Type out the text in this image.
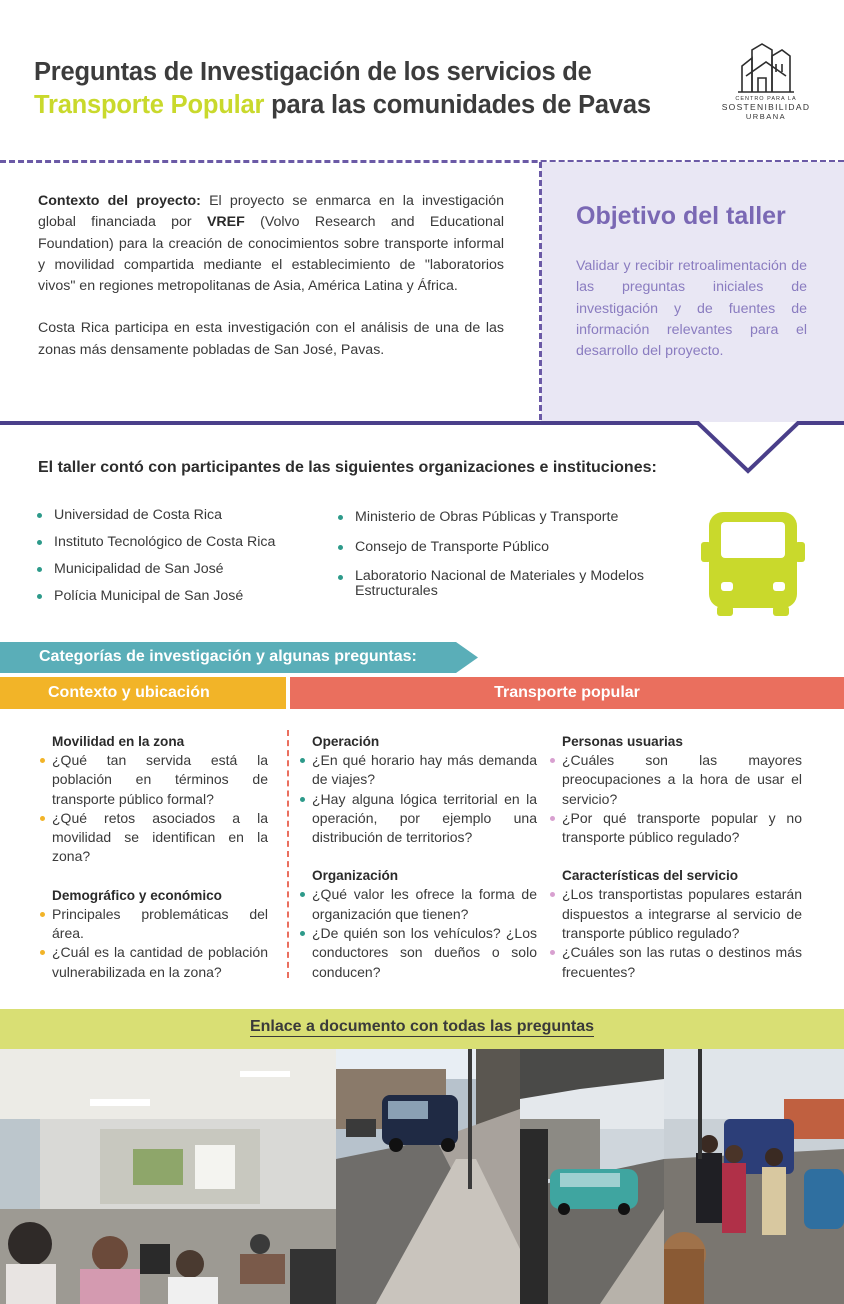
Preguntas de Investigación de los servicios de
Transporte Popular para las comunidades de Pavas	CENTRO PARA LA
SOSTENIBILIDAD
URBANA
Objetivo del taller
Validar y recibir retroalimentación de las preguntas iniciales de investigación y de fuentes de información relevantes para el desarrollo del proyecto.

Contexto del proyecto: El proyecto se enmarca en la investigación global financiada por VREF (Volvo Research and Educational Foundation) para la creación de conocimientos sobre transporte informal y movilidad compartida mediante el establecimiento de "laboratorios vivos" en regiones metropolitanas de Asia, América Latina y África.

Costa Rica participa en esta investigación con el análisis de una de las zonas más densamente pobladas de San José, Pavas.

El taller contó con participantes de las siguientes organizaciones e instituciones:
Universidad de Costa Rica
Instituto Tecnológico de Costa Rica
Municipalidad de San José
Polícia Municipal de San José
Ministerio de Obras Públicas y Transporte
Consejo de Transporte Público
Laboratorio Nacional de Materiales y Modelos Estructurales
Categorías de investigación y algunas preguntas:
Contexto y ubicación	Transporte popular
Movilidad en la zona
¿Qué tan servida está la población en términos de transporte público formal?
¿Qué retos asociados a la movilidad se identifican en la zona?
Demográfico y económico
Principales problemáticas del área.
¿Cuál es la cantidad de población vulnerabilizada en la zona?
Operación
¿En qué horario hay más demanda de viajes?
¿Hay alguna lógica territorial en la operación, por ejemplo una distribución de territorios?
Organización
¿Qué valor les ofrece la forma de organización que tienen?
¿De quién son los vehículos? ¿Los conductores son dueños o solo conducen?
Personas usuarias
¿Cuáles son las mayores preocupaciones a la hora de usar el servicio?
¿Por qué transporte popular y no transporte público regulado?
Características del servicio
¿Los transportistas populares estarán dispuestos a integrarse al servicio de transporte público regulado?
¿Cuáles son las rutas o destinos más frecuentes?
Enlace a documento con todas las preguntas
